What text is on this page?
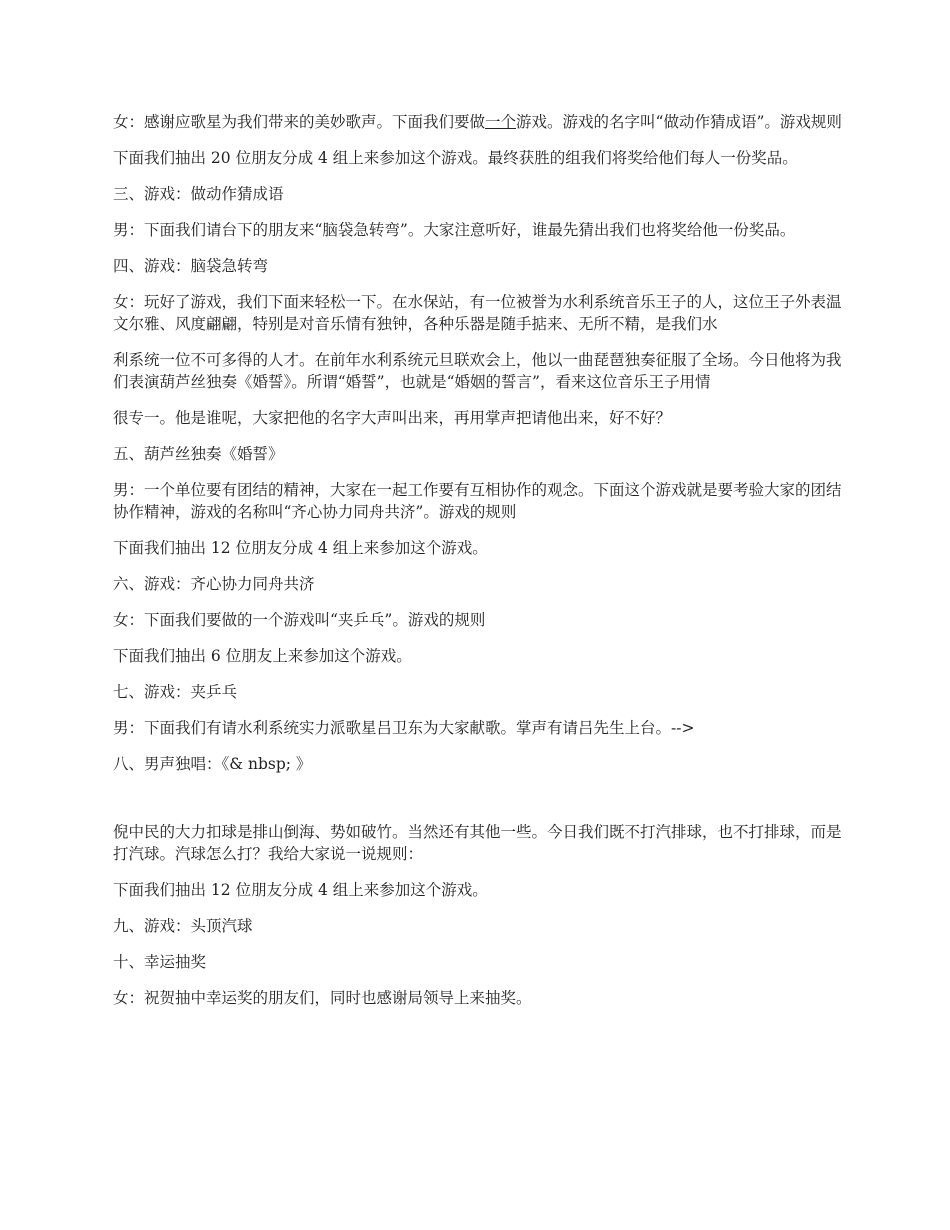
女：感谢应歌星为我们带来的美妙歌声。下面我们要做一个游戏。游戏的名字叫“做动作猜成语”。游戏规则

下面我们抽出 20 位朋友分成 4 组上来参加这个游戏。最终获胜的组我们将奖给他们每人一份奖品。

三、游戏：做动作猜成语

男：下面我们请台下的朋友来“脑袋急转弯”。大家注意听好，谁最先猜出我们也将奖给他一份奖品。

四、游戏：脑袋急转弯

女：玩好了游戏，我们下面来轻松一下。在水保站，有一位被誉为水利系统音乐王子的人，这位王子外表温文尔雅、风度翩翩，特别是对音乐情有独钟，各种乐器是随手掂来、无所不精，是我们水

利系统一位不可多得的人才。在前年水利系统元旦联欢会上，他以一曲琵琶独奏征服了全场。今日他将为我们表演葫芦丝独奏《婚誓》。所谓“婚誓”，也就是“婚姻的誓言”，看来这位音乐王子用情

很专一。他是谁呢，大家把他的名字大声叫出来，再用掌声把请他出来，好不好？

五、葫芦丝独奏《婚誓》

男：一个单位要有团结的精神，大家在一起工作要有互相协作的观念。下面这个游戏就是要考验大家的团结协作精神，游戏的名称叫“齐心协力同舟共济”。游戏的规则

下面我们抽出 12 位朋友分成 4 组上来参加这个游戏。

六、游戏：齐心协力同舟共济

女：下面我们要做的一个游戏叫“夹乒乓”。游戏的规则

下面我们抽出 6 位朋友上来参加这个游戏。

七、游戏：夹乒乓

男：下面我们有请水利系统实力派歌星吕卫东为大家献歌。掌声有请吕先生上台。-->

八、男声独唱：《& nbsp; 》

倪中民的大力扣球是排山倒海、势如破竹。当然还有其他一些。今日我们既不打汽排球，也不打排球，而是打汽球。汽球怎么打？我给大家说一说规则：

下面我们抽出 12 位朋友分成 4 组上来参加这个游戏。

九、游戏：头顶汽球

十、幸运抽奖

女：祝贺抽中幸运奖的朋友们，同时也感谢局领导上来抽奖。
